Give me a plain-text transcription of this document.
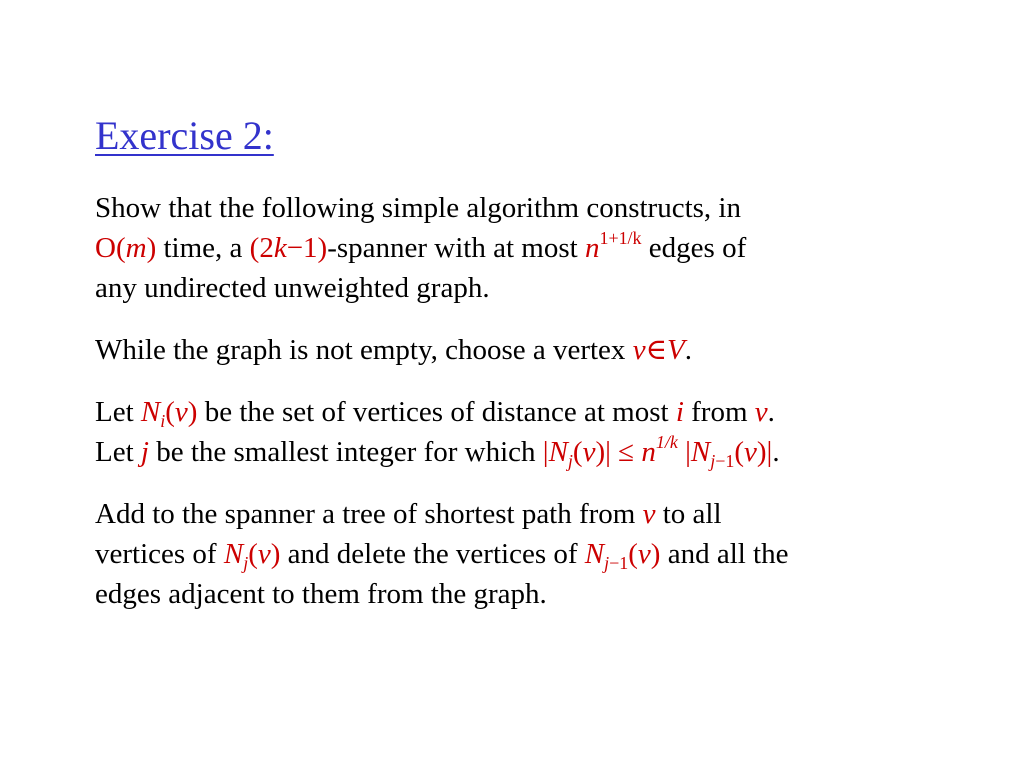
Exercise 2:

Show that the following simple algorithm constructs, in
O(m) time, a (2k−1)-spanner with at most $n^{1+1/k}$ edges of
any undirected unweighted graph.

While the graph is not empty, choose a vertex v∈V.

Let $N_i(v)$ be the set of vertices of distance at most i from v.
Let j be the smallest integer for which $|N_j(v)| \le n^{1/k}$ $|N_{j-1}(v)|$.

Add to the spanner a tree of shortest path from v to all
vertices of $N_j(v)$ and delete the vertices of $N_{j-1}(v)$ and all the
edges adjacent to them from the graph.
